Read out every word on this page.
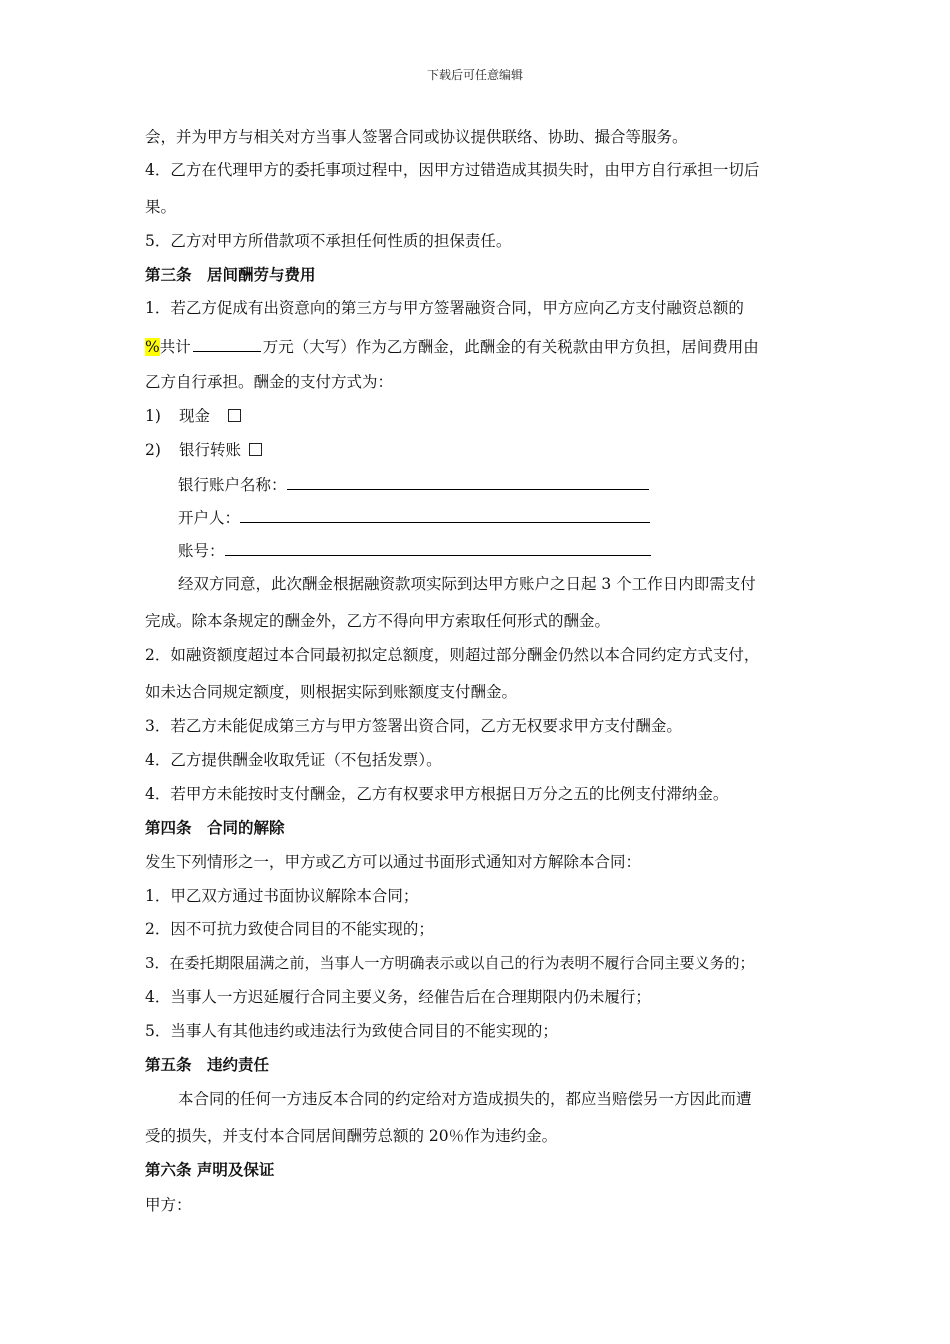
下载后可任意编辑
会，并为甲方与相关对方当事人签署合同或协议提供联络、协助、撮合等服务。
4．乙方在代理甲方的委托事项过程中，因甲方过错造成其损失时，由甲方自行承担一切后
果。
5．乙方对甲方所借款项不承担任何性质的担保责任。
第三条　居间酬劳与费用
1．若乙方促成有出资意向的第三方与甲方签署融资合同，甲方应向乙方支付融资总额的
%共计	万元（大写）作为乙方酬金，此酬金的有关税款由甲方负担，居间费用由
乙方自行承担。酬金的支付方式为：
1) 现金
2) 银行转账
银行账户名称：
开户人：
账号：
经双方同意，此次酬金根据融资款项实际到达甲方账户之日起 3 个工作日内即需支付
完成。除本条规定的酬金外，乙方不得向甲方索取任何形式的酬金。
2．如融资额度超过本合同最初拟定总额度，则超过部分酬金仍然以本合同约定方式支付，
如未达合同规定额度，则根据实际到账额度支付酬金。
3．若乙方未能促成第三方与甲方签署出资合同，乙方无权要求甲方支付酬金。
4．乙方提供酬金收取凭证（不包括发票）。
4．若甲方未能按时支付酬金，乙方有权要求甲方根据日万分之五的比例支付滞纳金。
第四条　合同的解除
发生下列情形之一，甲方或乙方可以通过书面形式通知对方解除本合同：
1．甲乙双方通过书面协议解除本合同；
2．因不可抗力致使合同目的不能实现的；
3．在委托期限届满之前，当事人一方明确表示或以自己的行为表明不履行合同主要义务的；
4．当事人一方迟延履行合同主要义务，经催告后在合理期限内仍未履行；
5．当事人有其他违约或违法行为致使合同目的不能实现的；
第五条　违约责任
本合同的任何一方违反本合同的约定给对方造成损失的，都应当赔偿另一方因此而遭
受的损失，并支付本合同居间酬劳总额的 20％作为违约金。
第六条 声明及保证
甲方：
